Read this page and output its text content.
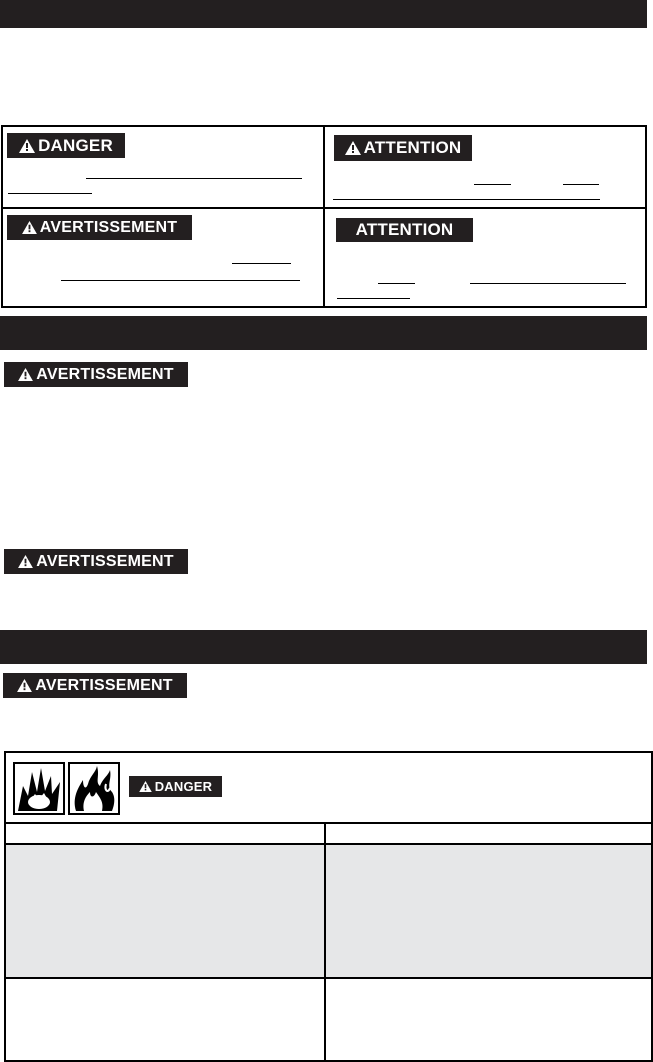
DANGER	ATTENTION
AVERTISSEMENT	ATTENTION
AVERTISSEMENT
AVERTISSEMENT
AVERTISSEMENT
DANGER
